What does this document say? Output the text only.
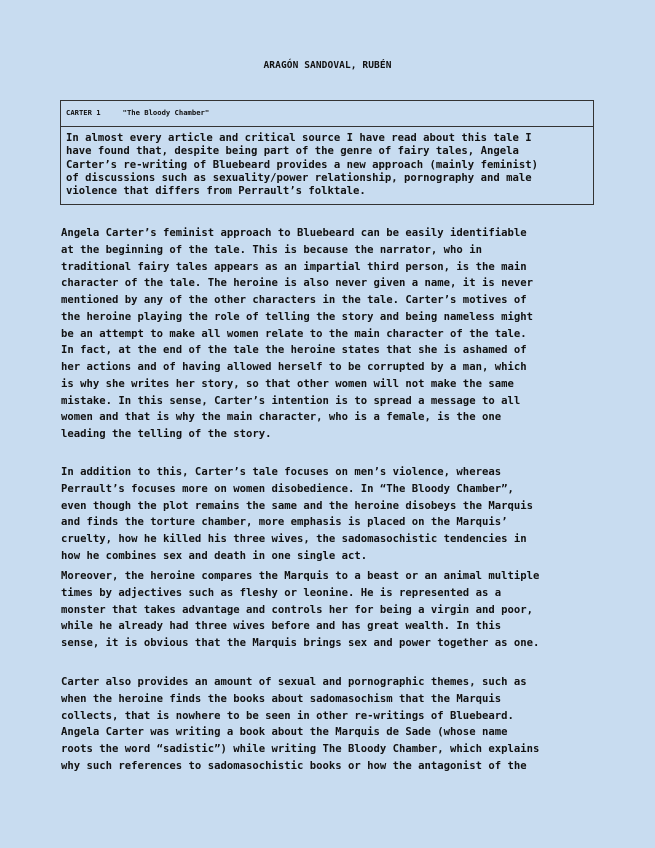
ARAGÓN SANDOVAL, RUBÉN
CARTER 1	"The Bloody Chamber"
In almost every article and critical source I have read about this tale I
have found that, despite being part of the genre of fairy tales, Angela
Carter’s re-writing of Bluebeard provides a new approach (mainly feminist)
of discussions such as sexuality/power relationship, pornography and male
violence that differs from Perrault’s folktale.
Angela Carter’s feminist approach to Bluebeard can be easily identifiable
at the beginning of the tale. This is because the narrator, who in
traditional fairy tales appears as an impartial third person, is the main
character of the tale. The heroine is also never given a name, it is never
mentioned by any of the other characters in the tale. Carter’s motives of
the heroine playing the role of telling the story and being nameless might
be an attempt to make all women relate to the main character of the tale.
In fact, at the end of the tale the heroine states that she is ashamed of
her actions and of having allowed herself to be corrupted by a man, which
is why she writes her story, so that other women will not make the same
mistake. In this sense, Carter’s intention is to spread a message to all
women and that is why the main character, who is a female, is the one
leading the telling of the story.
In addition to this, Carter’s tale focuses on men’s violence, whereas
Perrault’s focuses more on women disobedience. In “The Bloody Chamber”,
even though the plot remains the same and the heroine disobeys the Marquis
and finds the torture chamber, more emphasis is placed on the Marquis’
cruelty, how he killed his three wives, the sadomasochistic tendencies in
how he combines sex and death in one single act.
Moreover, the heroine compares the Marquis to a beast or an animal multiple
times by adjectives such as fleshy or leonine. He is represented as a
monster that takes advantage and controls her for being a virgin and poor,
while he already had three wives before and has great wealth. In this
sense, it is obvious that the Marquis brings sex and power together as one.
Carter also provides an amount of sexual and pornographic themes, such as
when the heroine finds the books about sadomasochism that the Marquis
collects, that is nowhere to be seen in other re-writings of Bluebeard.
Angela Carter was writing a book about the Marquis de Sade (whose name
roots the word “sadistic”) while writing The Bloody Chamber, which explains
why such references to sadomasochistic books or how the antagonist of the
